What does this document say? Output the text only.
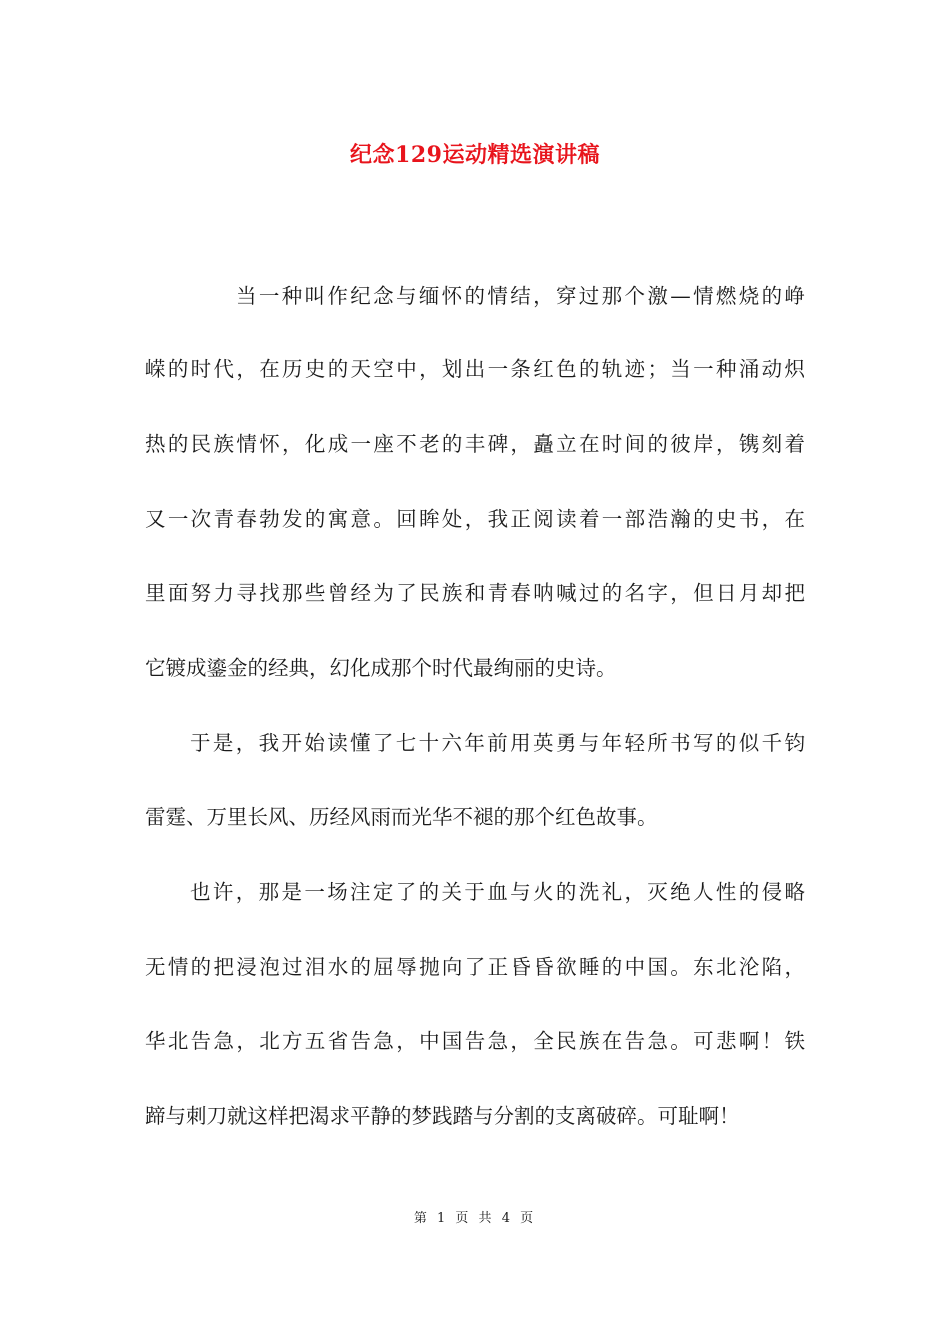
纪念129运动精选演讲稿
当一种叫作纪念与缅怀的情结，穿过那个激—情燃烧的峥
嵘的时代，在历史的天空中，划出一条红色的轨迹；当一种涌动炽
热的民族情怀，化成一座不老的丰碑，矗立在时间的彼岸，镌刻着
又一次青春勃发的寓意。回眸处，我正阅读着一部浩瀚的史书，在
里面努力寻找那些曾经为了民族和青春呐喊过的名字，但日月却把
它镀成鎏金的经典，幻化成那个时代最绚丽的史诗。
于是，我开始读懂了七十六年前用英勇与年轻所书写的似千钧
雷霆、万里长风、历经风雨而光华不褪的那个红色故事。
也许，那是一场注定了的关于血与火的洗礼，灭绝人性的侵略
无情的把浸泡过泪水的屈辱抛向了正昏昏欲睡的中国。东北沦陷，
华北告急，北方五省告急，中国告急，全民族在告急。可悲啊！铁
蹄与刺刀就这样把渴求平静的梦践踏与分割的支离破碎。可耻啊！
第 1 页 共 4 页
